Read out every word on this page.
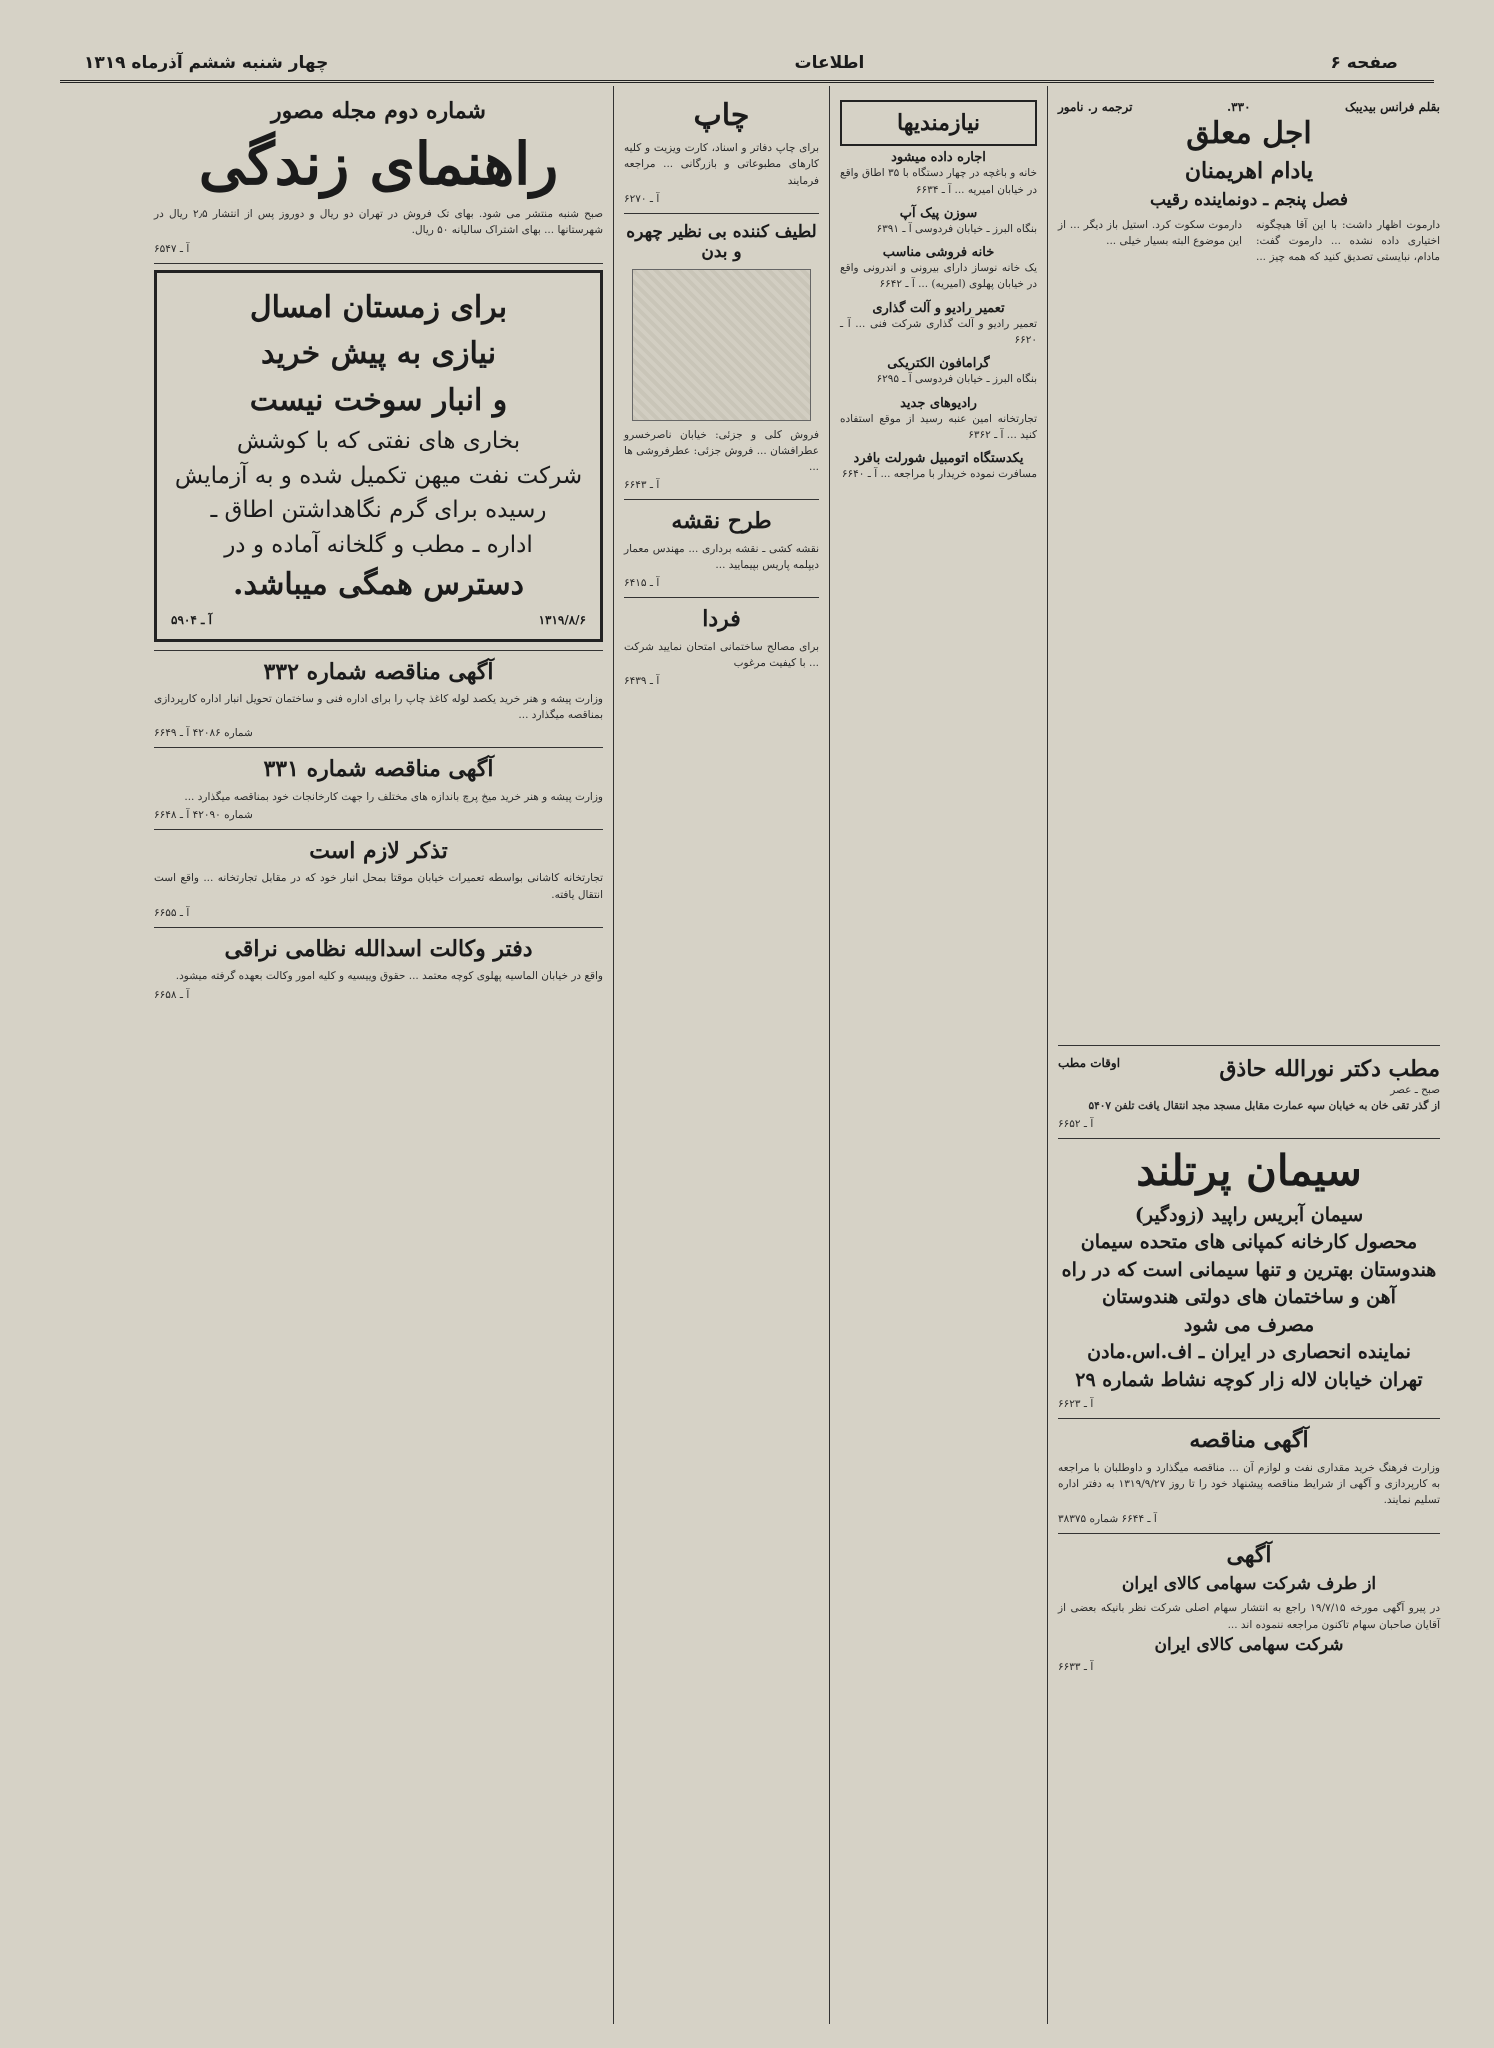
صفحه ۶
اطلاعات
چهار شنبه ششم آذرماه ۱۳۱۹
بقلم فرانس بیدیبک
۳۳۰.
ترجمه ر. نامور
اجل معلق
یادام اهریمنان
فصل پنجم ـ دونماینده رقیب
دارموت اظهار داشت: با این آقا هیچگونه اختیاری داده نشده ... دارموت گفت: مادام، نبایستی تصدیق کنید که همه چیز ... دارموت سکوت کرد. استیل باز دیگر ... از این موضوع البته بسیار خیلی ...
مطب دکتر نورالله حاذق
اوقات مطب
صبح ـ عصر
از گذر تقی خان به خیابان سپه عمارت مقابل مسجد مجد انتقال یافت تلفن ۵۴۰۷
آ ـ ۶۶۵۲
سیمان پرتلند
سیمان آبریس راپید (زودگیر)
محصول کارخانه کمپانی های متحده سیمان
هندوستان بهترین و تنها سیمانی است که در راه
آهن و ساختمان های دولتی هندوستان
مصرف می شود
نماینده انحصاری در ایران ـ اف.اس.مادن
تهران خیابان لاله زار کوچه نشاط شماره ۲۹
آ ـ ۶۶۲۳
آگهی مناقصه
وزارت فرهنگ خرید مقداری نفت و لوازم آن ... مناقصه میگذارد و داوطلبان با مراجعه به کارپردازی و آگهی از شرایط مناقصه پیشنهاد خود را تا روز ۱۳۱۹/۹/۲۷ به دفتر اداره تسلیم نمایند.
آ ـ ۶۶۴۴ شماره ۳۸۳۷۵
آگهی
از طرف شرکت سهامی کالای ایران
در پیرو آگهی مورخه ۱۹/۷/۱۵ راجع به انتشار سهام اصلی شرکت نظر بانیکه بعضی از آقایان صاحبان سهام تاکنون مراجعه ننموده اند ...
شرکت سهامی کالای ایران
آ ـ ۶۶۳۳
نیازمندیها
اجاره داده میشود
خانه و باغچه در چهار دستگاه با ۳۵ اطاق واقع در خیابان امیریه ... آ ـ ۶۶۳۴
سوزن پیک آپ
بنگاه البرز ـ خیابان فردوسی آ ـ ۶۳۹۱
خانه فروشی مناسب
یک خانه نوساز دارای بیرونی و اندرونی واقع در خیابان پهلوی (امیریه) ... آ ـ ۶۶۴۲
تعمیر رادیو و آلت گذاری
تعمیر رادیو و آلت گذاری شرکت فنی ... آ ـ ۶۶۲۰
گرامافون الکتریکی
بنگاه البرز ـ خیابان فردوسی آ ـ ۶۲۹۵
رادیوهای جدید
تجارتخانه امین عنبه رسید از موقع استفاده کنید ... آ ـ ۶۳۶۲
یکدستگاه اتومبیل شورلت بافرد
مسافرت نموده خریدار با مراجعه ... آ ـ ۶۶۴۰
چاپ
برای چاپ دفاتر و اسناد، کارت ویزیت و کلیه کارهای مطبوعاتی و بازرگانی ... مراجعه فرمایند
آ ـ ۶۲۷۰
لطیف کننده بی نظیر چهره و بدن
فروش کلی و جزئی: خیابان ناصرخسرو عطرافشان ... فروش جزئی: عطرفروشی ها ...
آ ـ ۶۶۴۳
طرح نقشه
نقشه کشی ـ نقشه برداری ... مهندس معمار دیپلمه پاریس بپیمایید ...
آ ـ ۶۴۱۵
فردا
برای مصالح ساختمانی امتحان نمایید شرکت ... با کیفیت مرغوب
آ ـ ۶۴۳۹
شماره دوم مجله مصور
راهنمای زندگی
صبح شنبه منتشر می شود. بهای تک فروش در تهران دو ریال و دوروز پس از انتشار ۲٫۵ ریال در شهرستانها ... بهای اشتراک سالیانه ۵۰ ریال.
آ ـ ۶۵۴۷
برای زمستان امسال
نیازی به پیش خرید
و انبار سوخت نیست
بخاری های نفتی که با کوشش
شرکت نفت میهن تکمیل شده و به آزمایش
رسیده برای گرم نگاهداشتن اطاق ـ
اداره ـ مطب و گلخانه آماده و در
دسترس همگی میباشد.
۱۳۱۹/۸/۶
آ ـ ۵۹۰۴
آگهی مناقصه شماره ۳۳۲
وزارت پیشه و هنر خرید یکصد لوله کاغذ چاپ را برای اداره فنی و ساختمان تحویل انبار اداره کارپردازی بمناقصه میگذارد ...
شماره ۴۲۰۸۶ آ ـ ۶۶۴۹
آگهی مناقصه شماره ۳۳۱
وزارت پیشه و هنر خرید میخ پرچ باندازه های مختلف را جهت کارخانجات خود بمناقصه میگذارد ...
شماره ۴۲۰۹۰ آ ـ ۶۶۴۸
تذکر لازم است
تجارتخانه کاشانی بواسطه تعمیرات خیابان موقتا بمحل انبار خود که در مقابل تجارتخانه ... واقع است انتقال یافته.
آ ـ ۶۶۵۵
دفتر وکالت اسدالله نظامی نراقی
واقع در خیابان الماسیه پهلوی کوچه معتمد ... حقوق وییسیه و کلیه امور وکالت بعهده گرفته میشود.
آ ـ ۶۶۵۸
